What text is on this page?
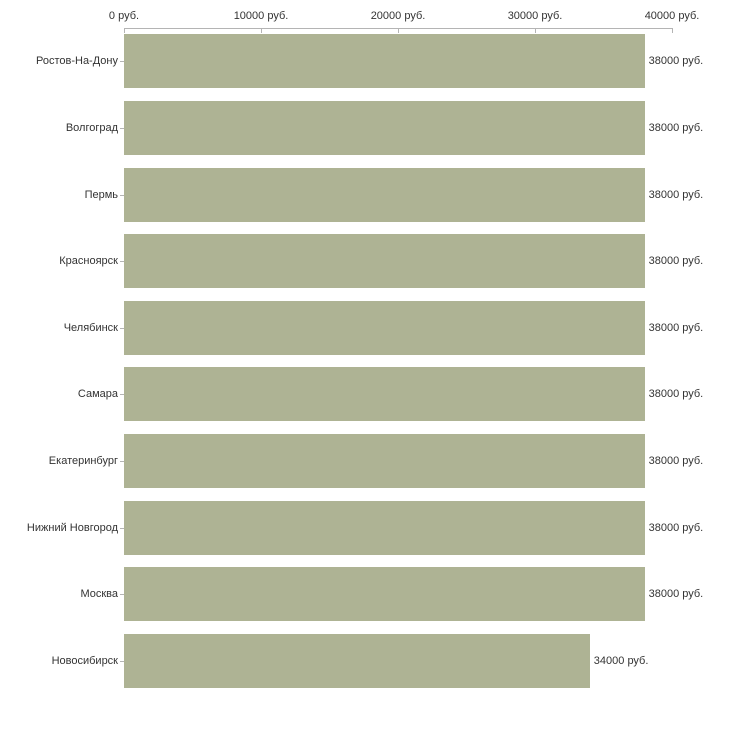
0 руб.	10000 руб.	20000 руб.	30000 руб.	40000 руб.
38000 руб.
38000 руб.
38000 руб.
38000 руб.
38000 руб.
38000 руб.
38000 руб.
38000 руб.
38000 руб.
34000 руб.
Ростов-На-Дону
Волгоград
Пермь
Красноярск
Челябинск
Самара
Екатеринбург
Нижний Новгород
Москва
Новосибирск
